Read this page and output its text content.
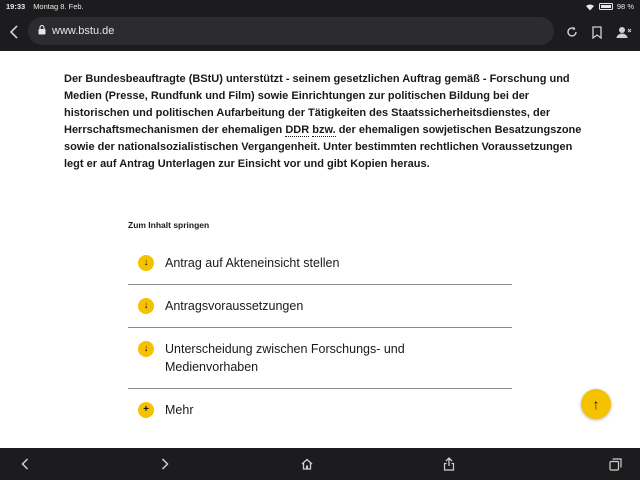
19:33 Montag 8. Feb.	98 %
www.bstu.de

Der Bundesbeauftragte (BStU) unterstützt - seinem gesetzlichen Auftrag gemäß - Forschung und Medien (Presse, Rundfunk und Film) sowie Einrichtungen zur politischen Bildung bei der historischen und politischen Aufarbeitung der Tätigkeiten des Staatssicherheitsdienstes, der Herrschaftsmechanismen der ehemaligen DDR bzw. der ehemaligen sowjetischen Besatzungszone sowie der nationalsozialistischen Vergangenheit. Unter bestimmten rechtlichen Voraussetzungen legt er auf Antrag Unterlagen zur Einsicht vor und gibt Kopien heraus.

Zum Inhalt springen
↓	Antrag auf Akteneinsicht stellen
↓	Antragsvoraussetzungen
↓	Unterscheidung zwischen Forschungs- und Medienvorhaben
+	Mehr	↑
